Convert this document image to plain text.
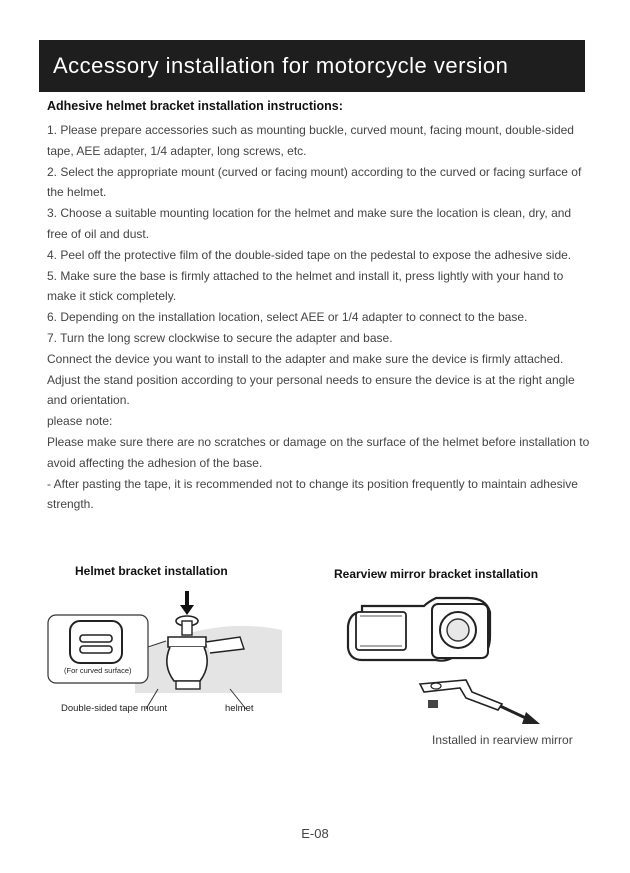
Accessory installation for motorcycle version
Adhesive helmet bracket installation instructions:

1. Please prepare accessories such as mounting buckle, curved mount, facing mount, double-sided tape, AEE adapter, 1/4 adapter, long screws, etc.

2. Select the appropriate mount (curved or facing mount) according to the curved or facing surface of the helmet.

3. Choose a suitable mounting location for the helmet and make sure the location is clean, dry, and free of oil and dust.

4. Peel off the protective film of the double-sided tape on the pedestal to expose the adhesive side.

5. Make sure the base is firmly attached to the helmet and install it, press lightly with your hand to make it stick completely.

6. Depending on the installation location, select AEE or 1/4 adapter to connect to the base.

7. Turn the long screw clockwise to secure the adapter and base.

Connect the device you want to install to the adapter and make sure the device is firmly attached. Adjust the stand position according to your personal needs to ensure the device is at the right angle and orientation.

please note:

Please make sure there are no scratches or damage on the surface of the helmet before installation to avoid affecting the adhesion of the base.

- After pasting the tape, it is recommended not to change its position frequently to maintain adhesive strength.

Helmet bracket installation
(For curved surface)
Double-sided tape mount	helmet
Rearview mirror bracket installation
Installed in rearview mirror
E-08
